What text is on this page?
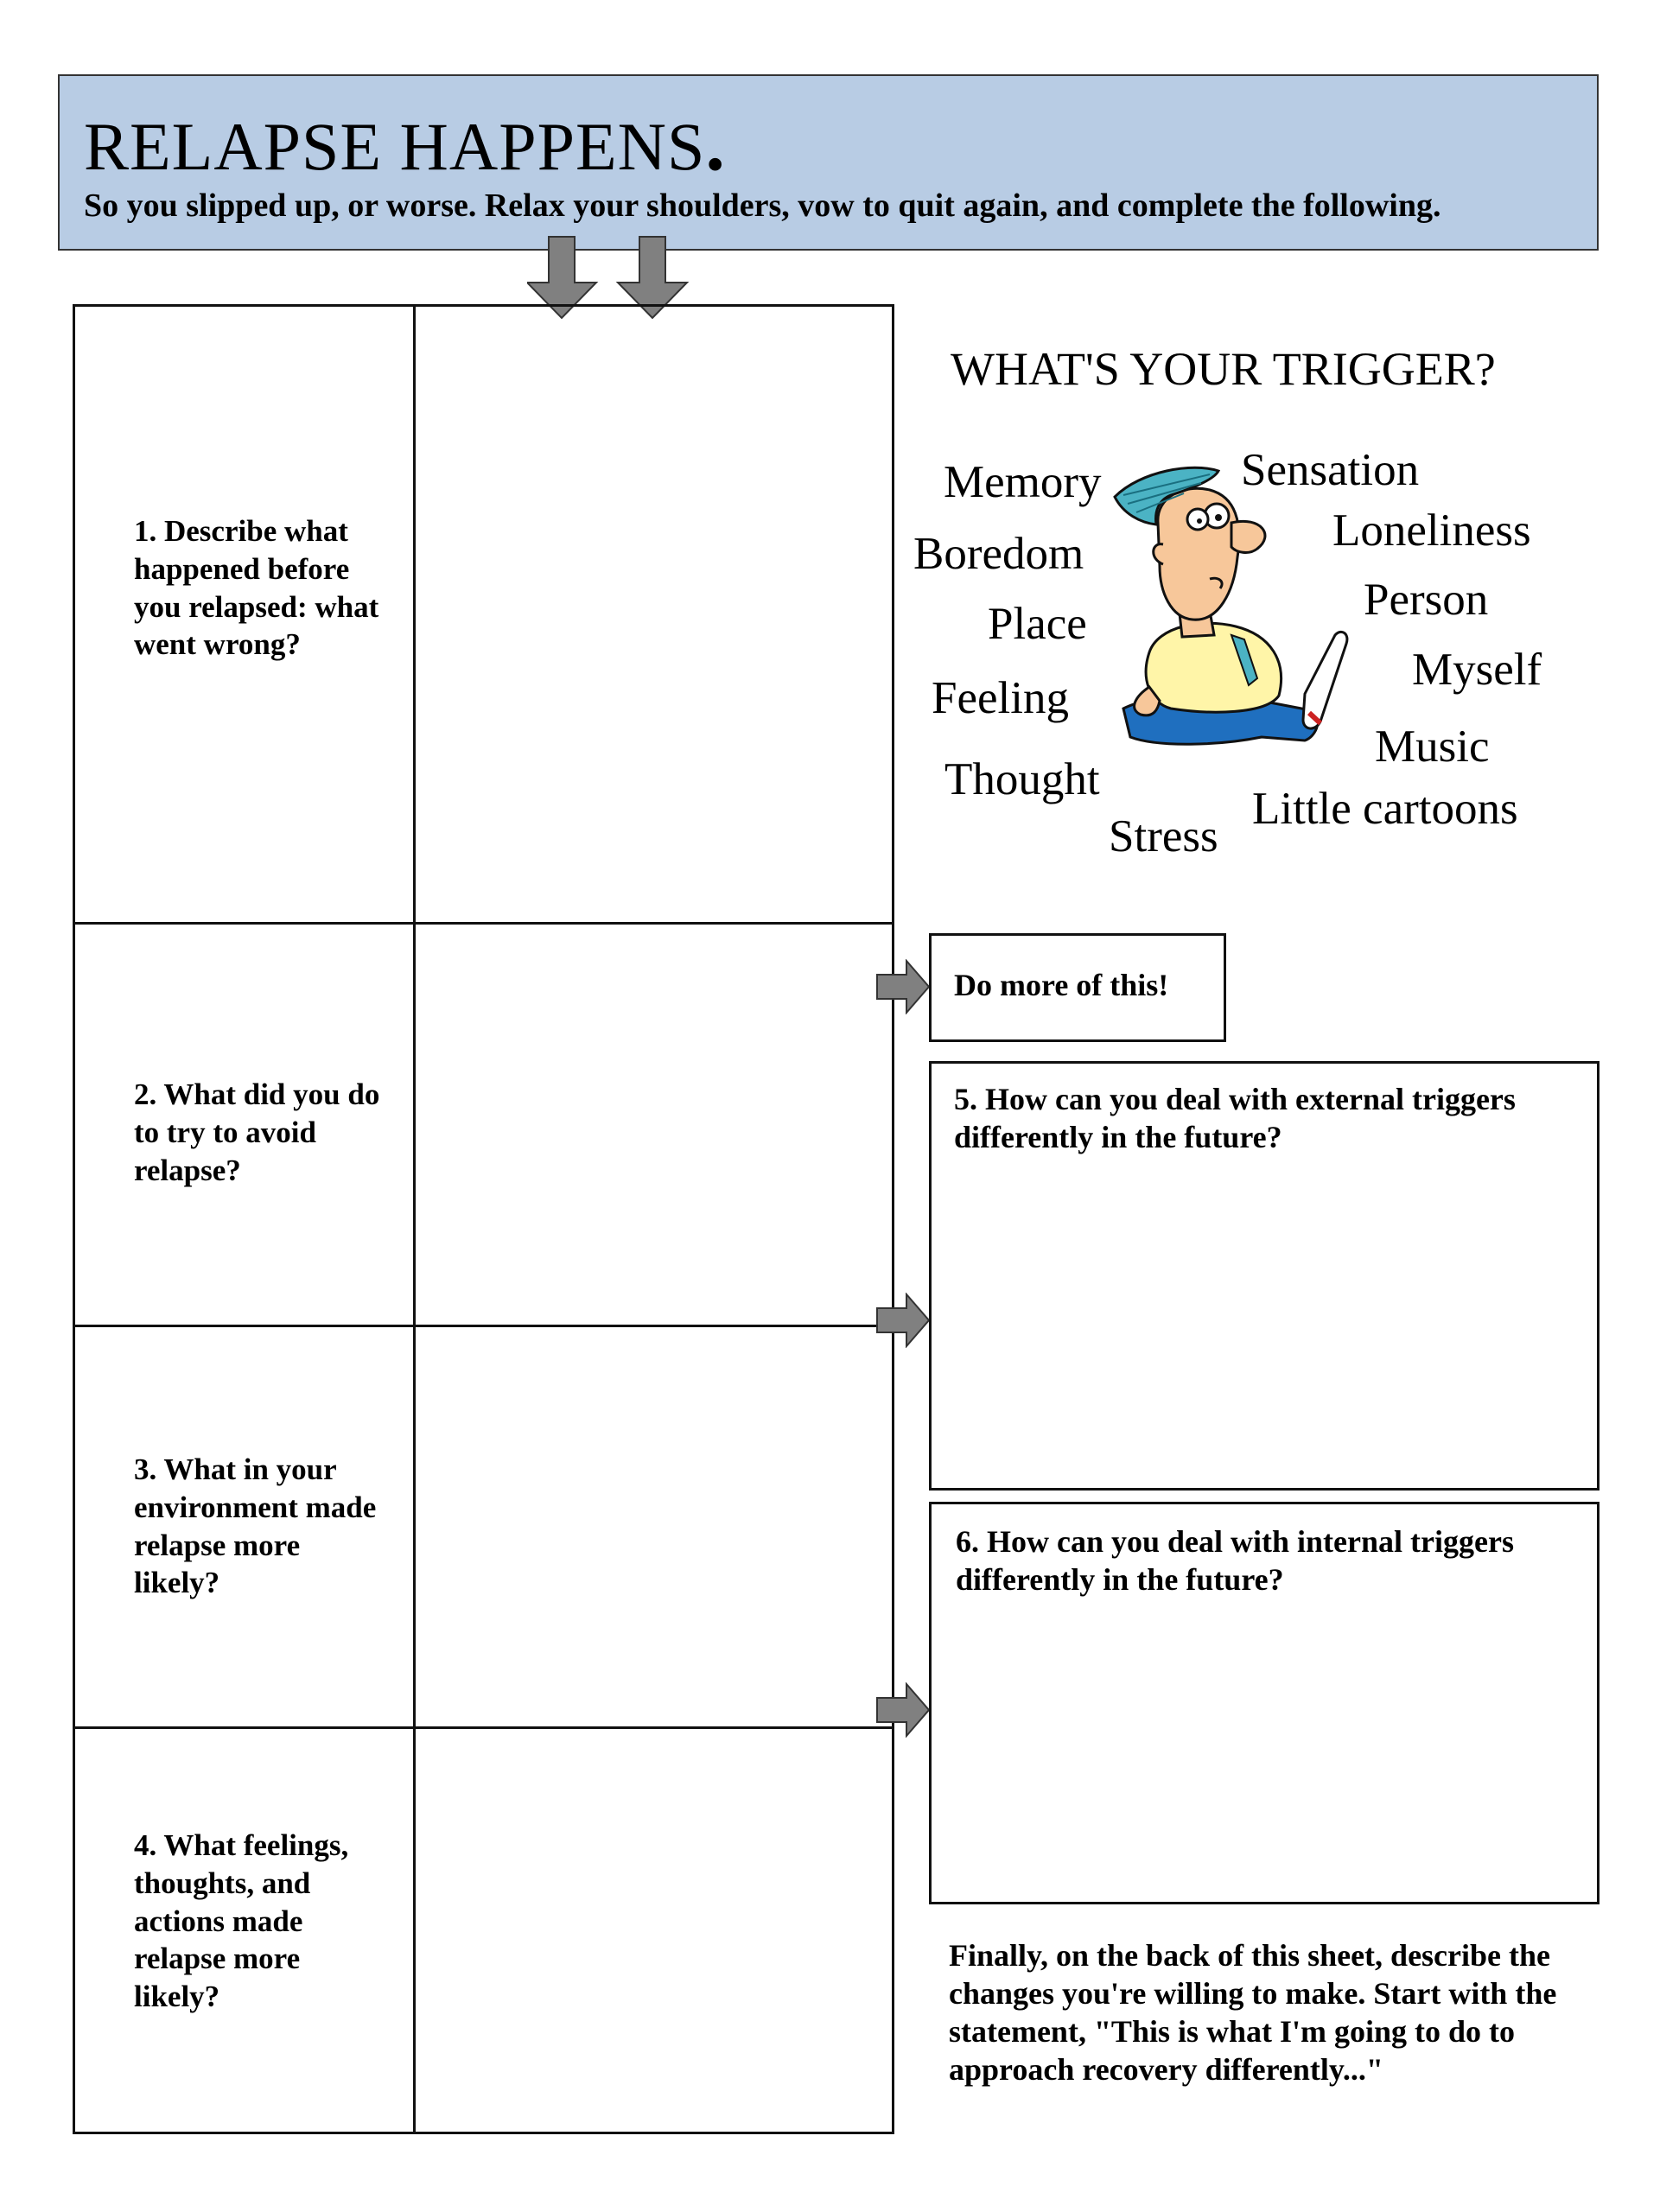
RELAPSE HAPPENS.
So you slipped up, or worse. Relax your shoulders, vow to quit again, and complete the following.
1. Describe what happened before you relapsed: what went wrong?
2. What did you do to try to avoid relapse?
3. What in your environment made relapse more likely?
4. What feelings, thoughts, and actions made relapse more likely?
WHAT'S YOUR TRIGGER?
Memory
Boredom
Place
Feeling
Thought
Stress
Sensation
Loneliness
Person
Myself
Music
Little cartoons
Do more of this!
5. How can you deal with external triggers differently in the future?
6. How can you deal with internal triggers differently in the future?
Finally, on the back of this sheet, describe the changes you're willing to make. Start with the statement, "This is what I'm going to do to approach recovery differently..."
